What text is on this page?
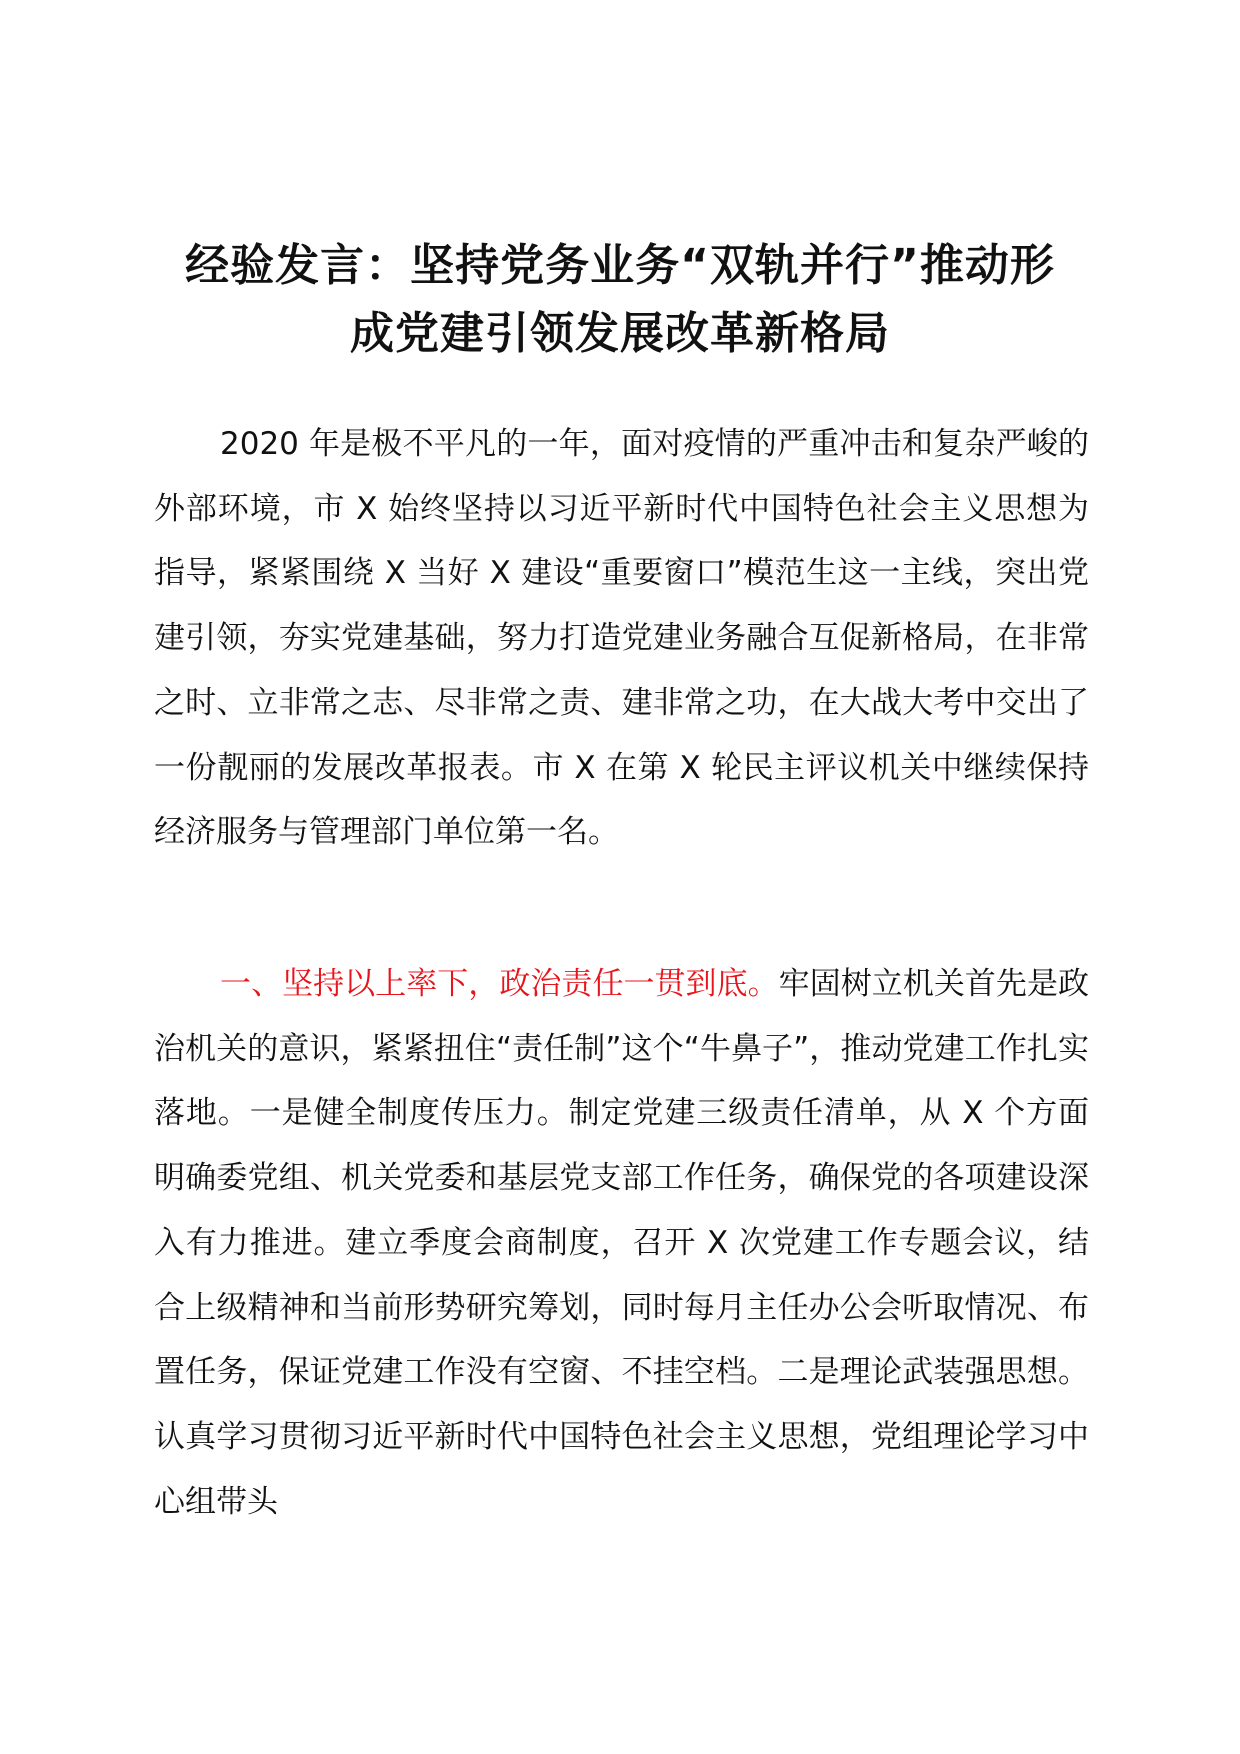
经验发言：坚持党务业务“双轨并行”推动形
成党建引领发展改革新格局

2020 年是极不平凡的一年，面对疫情的严重冲击和复杂严峻的外部环境，市 X 始终坚持以习近平新时代中国特色社会主义思想为指导，紧紧围绕 X 当好 X 建设“重要窗口”模范生这一主线，突出党建引领，夯实党建基础，努力打造党建业务融合互促新格局，在非常之时、立非常之志、尽非常之责、建非常之功，在大战大考中交出了一份靓丽的发展改革报表。市 X 在第 X 轮民主评议机关中继续保持经济服务与管理部门单位第一名。

一、坚持以上率下，政治责任一贯到底。牢固树立机关首先是政治机关的意识，紧紧扭住“责任制”这个“牛鼻子”，推动党建工作扎实落地。一是健全制度传压力。制定党建三级责任清单，从 X 个方面明确委党组、机关党委和基层党支部工作任务，确保党的各项建设深入有力推进。建立季度会商制度，召开 X 次党建工作专题会议，结合上级精神和当前形势研究筹划，同时每月主任办公会听取情况、布置任务，保证党建工作没有空窗、不挂空档。二是理论武装强思想。认真学习贯彻习近平新时代中国特色社会主义思想，党组理论学习中心组带头
